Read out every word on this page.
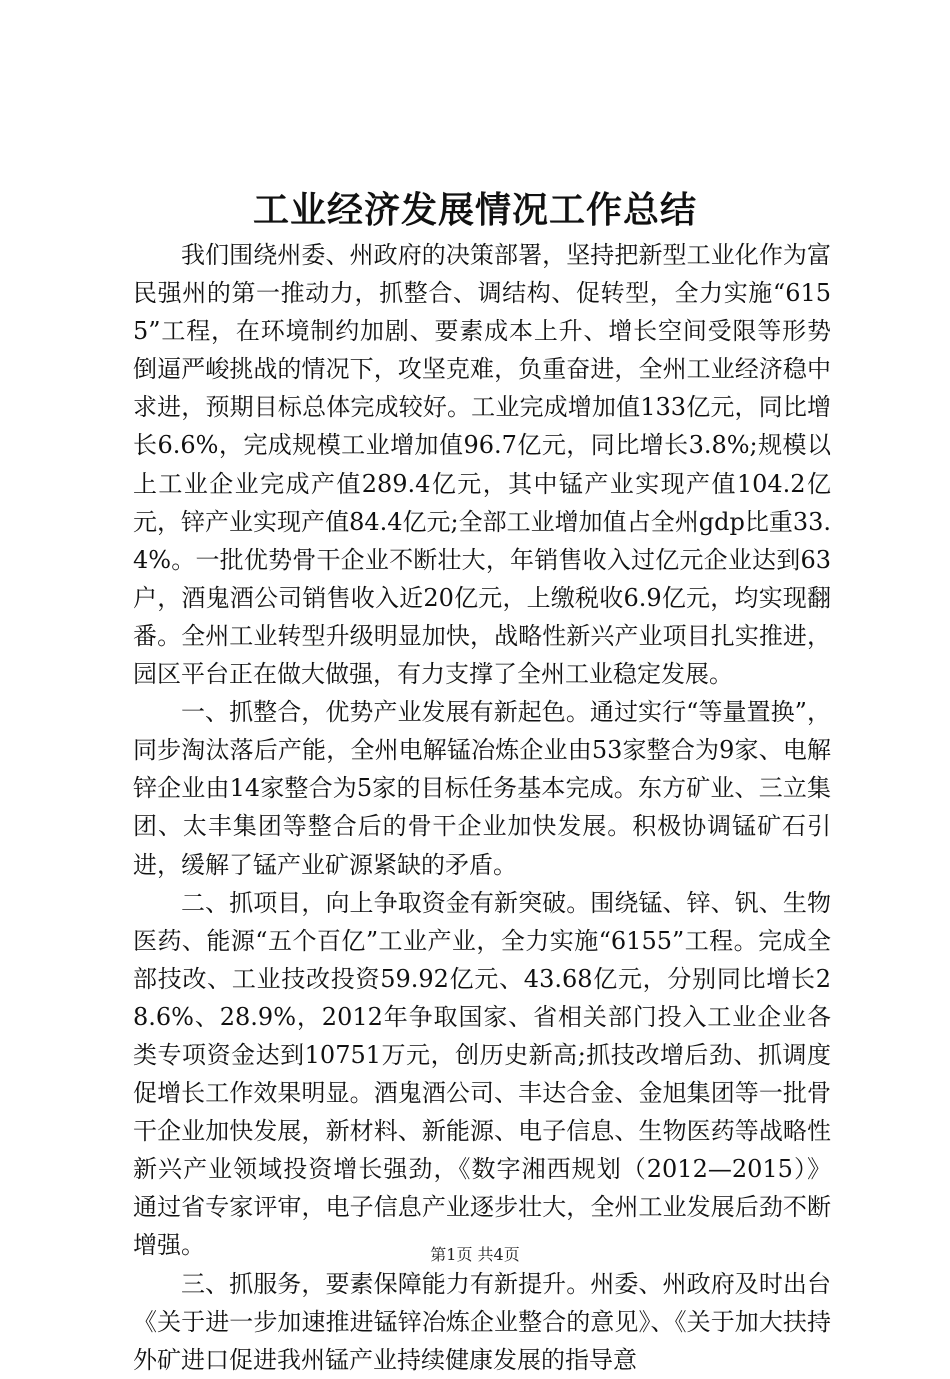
工业经济发展情况工作总结

我们围绕州委、州政府的决策部署，坚持把新型工业化作为富民强州的第一推动力，抓整合、调结构、促转型，全力实施“6155”工程，在环境制约加剧、要素成本上升、增长空间受限等形势倒逼严峻挑战的情况下，攻坚克难，负重奋进，全州工业经济稳中求进，预期目标总体完成较好。工业完成增加值133亿元，同比增长6.6%，完成规模工业增加值96.7亿元，同比增长3.8%;规模以上工业企业完成产值289.4亿元，其中锰产业实现产值104.2亿元，锌产业实现产值84.4亿元;全部工业增加值占全州gdp比重33.4%。一批优势骨干企业不断壮大，年销售收入过亿元企业达到63户，酒鬼酒公司销售收入近20亿元，上缴税收6.9亿元，均实现翻番。全州工业转型升级明显加快，战略性新兴产业项目扎实推进，园区平台正在做大做强，有力支撑了全州工业稳定发展。

一、抓整合，优势产业发展有新起色。通过实行“等量置换”，同步淘汰落后产能，全州电解锰冶炼企业由53家整合为9家、电解锌企业由14家整合为5家的目标任务基本完成。东方矿业、三立集团、太丰集团等整合后的骨干企业加快发展。积极协调锰矿石引进，缓解了锰产业矿源紧缺的矛盾。

二、抓项目，向上争取资金有新突破。围绕锰、锌、钒、生物医药、能源“五个百亿”工业产业，全力实施“6155”工程。完成全部技改、工业技改投资59.92亿元、43.68亿元，分别同比增长28.6%、28.9%，2012年争取国家、省相关部门投入工业企业各类专项资金达到10751万元，创历史新高;抓技改增后劲、抓调度促增长工作效果明显。酒鬼酒公司、丰达合金、金旭集团等一批骨干企业加快发展，新材料、新能源、电子信息、生物医药等战略性新兴产业领域投资增长强劲，《数字湘西规划（2012—2015）》通过省专家评审，电子信息产业逐步壮大，全州工业发展后劲不断增强。

三、抓服务，要素保障能力有新提升。州委、州政府及时出台《关于进一步加速推进锰锌冶炼企业整合的意见》、《关于加大扶持外矿进口促进我州锰产业持续健康发展的指导意

第1页 共4页
